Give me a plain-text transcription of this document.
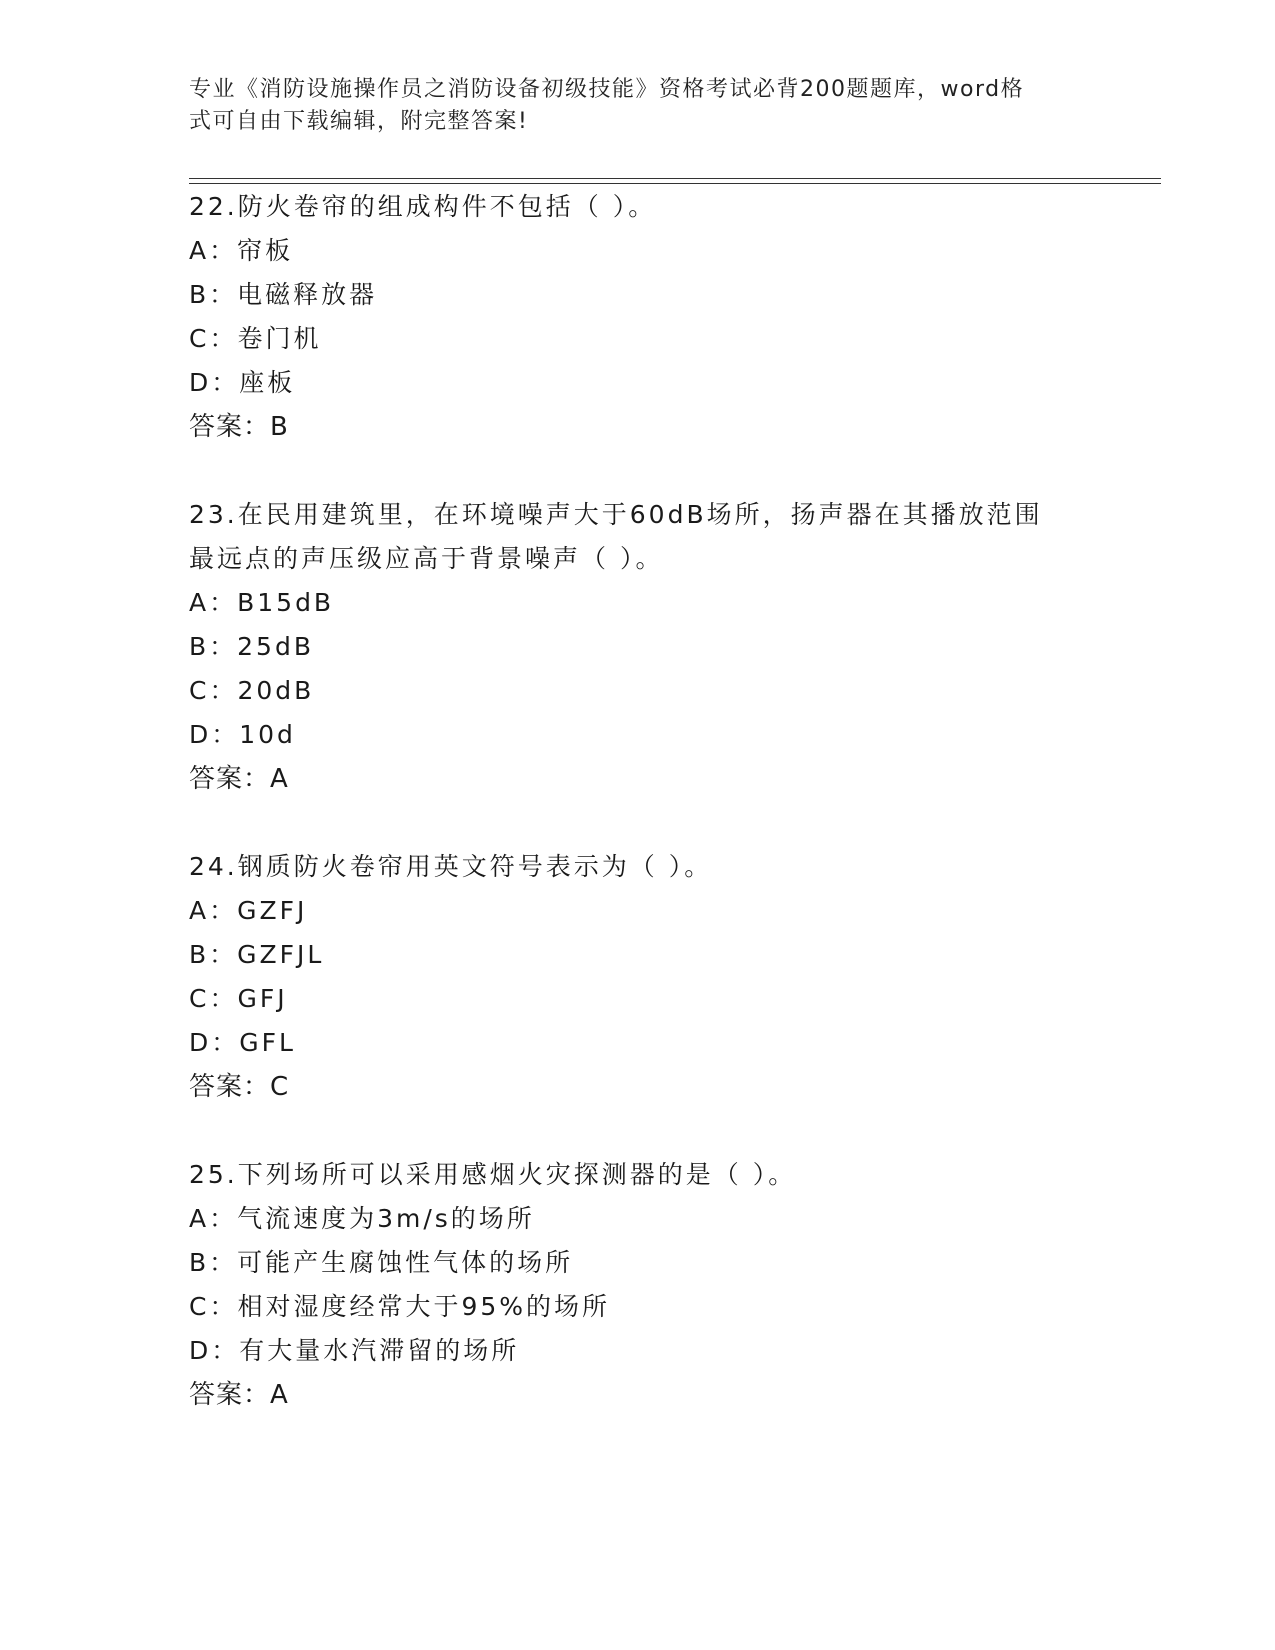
专业《消防设施操作员之消防设备初级技能》资格考试必背200题题库，word格
式可自由下载编辑，附完整答案!
22.防火卷帘的组成构件不包括（ ）。
A：帘板
B：电磁释放器
C：卷门机
D：座板
答案：B
23.在民用建筑里，在环境噪声大于60dB场所，扬声器在其播放范围
最远点的声压级应高于背景噪声（ ）。
A：B15dB
B：25dB
C：20dB
D：10d
答案：A
24.钢质防火卷帘用英文符号表示为（ ）。
A：GZFJ
B：GZFJL
C：GFJ
D：GFL
答案：C
25.下列场所可以采用感烟火灾探测器的是（ ）。
A：气流速度为3m/s的场所
B：可能产生腐蚀性气体的场所
C：相对湿度经常大于95%的场所
D：有大量水汽滞留的场所
答案：A
